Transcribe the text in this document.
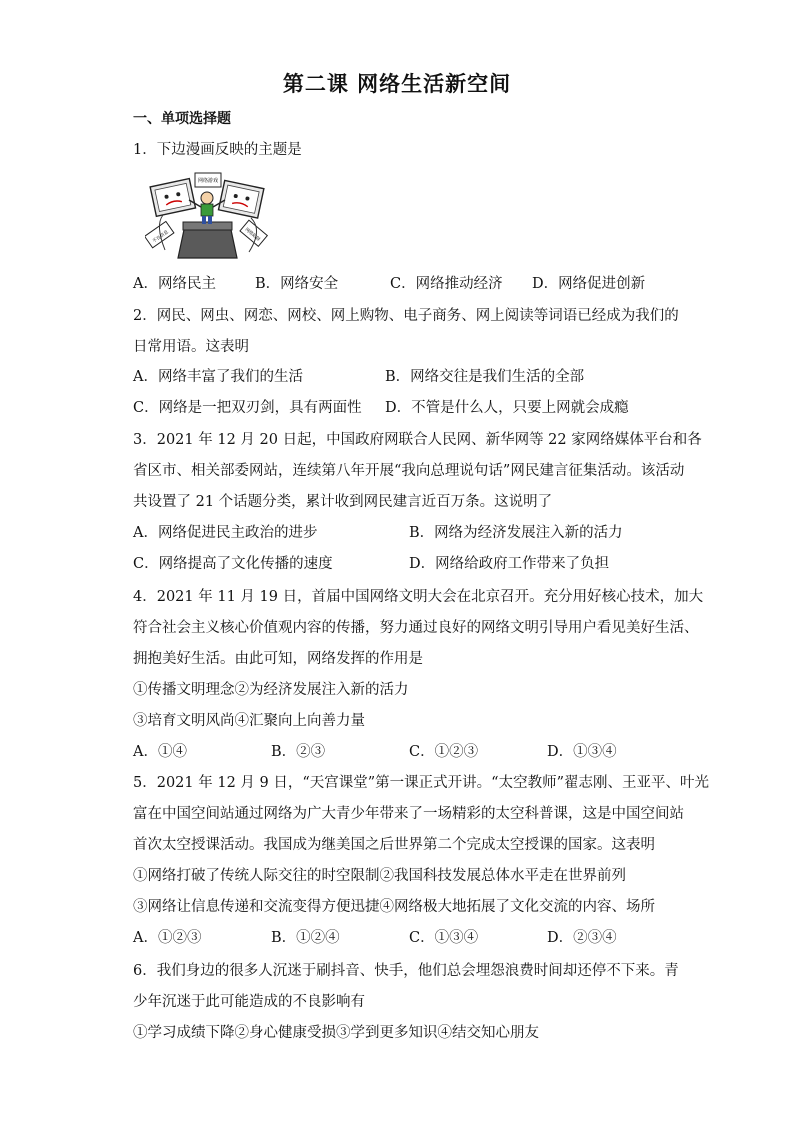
第二课 网络生活新空间
一、单项选择题
1．下边漫画反映的主题是
网络游戏
不良信息	网络陷阱
A．网络民主	B．网络安全	C．网络推动经济 D．网络促进创新
2．网民、网虫、网恋、网校、网上购物、电子商务、网上阅读等词语已经成为我们的
日常用语。这表明
A．网络丰富了我们的生活	B．网络交往是我们生活的全部
C．网络是一把双刃剑，具有两面性 D．不管是什么人，只要上网就会成瘾
3．2021 年 12 月 20 日起，中国政府网联合人民网、新华网等 22 家网络媒体平台和各
省区市、相关部委网站，连续第八年开展“我向总理说句话”网民建言征集活动。该活动
共设置了 21 个话题分类，累计收到网民建言近百万条。这说明了
A．网络促进民主政治的进步	B．网络为经济发展注入新的活力
C．网络提高了文化传播的速度	D．网络给政府工作带来了负担
4．2021 年 11 月 19 日，首届中国网络文明大会在北京召开。充分用好核心技术，加大
符合社会主义核心价值观内容的传播，努力通过良好的网络文明引导用户看见美好生活、
拥抱美好生活。由此可知，网络发挥的作用是
①传播文明理念②为经济发展注入新的活力
③培育文明风尚④汇聚向上向善力量
A．①④	B．②③	C．①②③	D．①③④
5．2021 年 12 月 9 日，“天宫课堂”第一课正式开讲。“太空教师”翟志刚、王亚平、叶光
富在中国空间站通过网络为广大青少年带来了一场精彩的太空科普课，这是中国空间站
首次太空授课活动。我国成为继美国之后世界第二个完成太空授课的国家。这表明
①网络打破了传统人际交往的时空限制②我国科技发展总体水平走在世界前列
③网络让信息传递和交流变得方便迅捷④网络极大地拓展了文化交流的内容、场所
A．①②③	B．①②④	C．①③④	D．②③④
6．我们身边的很多人沉迷于刷抖音、快手，他们总会埋怨浪费时间却还停不下来。青
少年沉迷于此可能造成的不良影响有
①学习成绩下降②身心健康受损③学到更多知识④结交知心朋友
